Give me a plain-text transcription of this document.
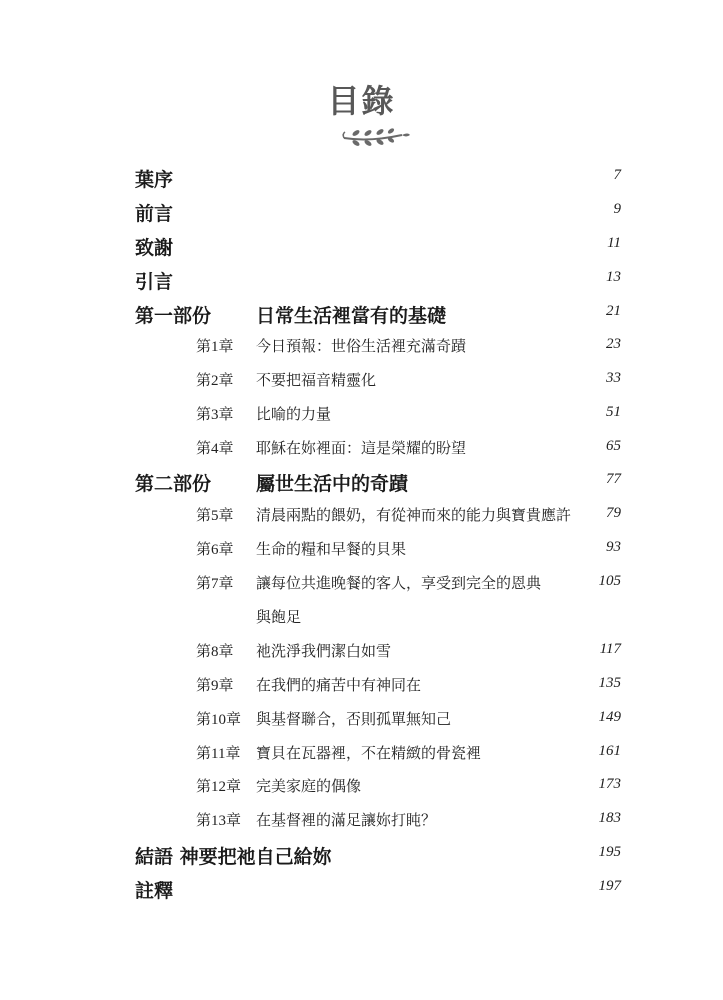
目錄
葉序	7
前言	9
致謝	11
引言	13
第一部份 日常生活裡當有的基礎	21
第1章 今日預報：世俗生活裡充滿奇蹟	23
第2章 不要把福音精靈化	33
第3章 比喻的力量	51
第4章 耶穌在妳裡面：這是榮耀的盼望	65
第二部份 屬世生活中的奇蹟	77
第5章 清晨兩點的餵奶，有從神而來的能力與寶貴應許 79
第6章 生命的糧和早餐的貝果	93
第7章 讓每位共進晚餐的客人，享受到完全的恩典	105
與飽足
第8章 祂洗淨我們潔白如雪	117
第9章 在我們的痛苦中有神同在	135
第10章 與基督聯合，否則孤單無知己	149
第11章 寶貝在瓦器裡，不在精緻的骨瓷裡	161
第12章 完美家庭的偶像	173
第13章 在基督裡的滿足讓妳打盹？	183
結語 神要把祂自己給妳	195
註釋	197
